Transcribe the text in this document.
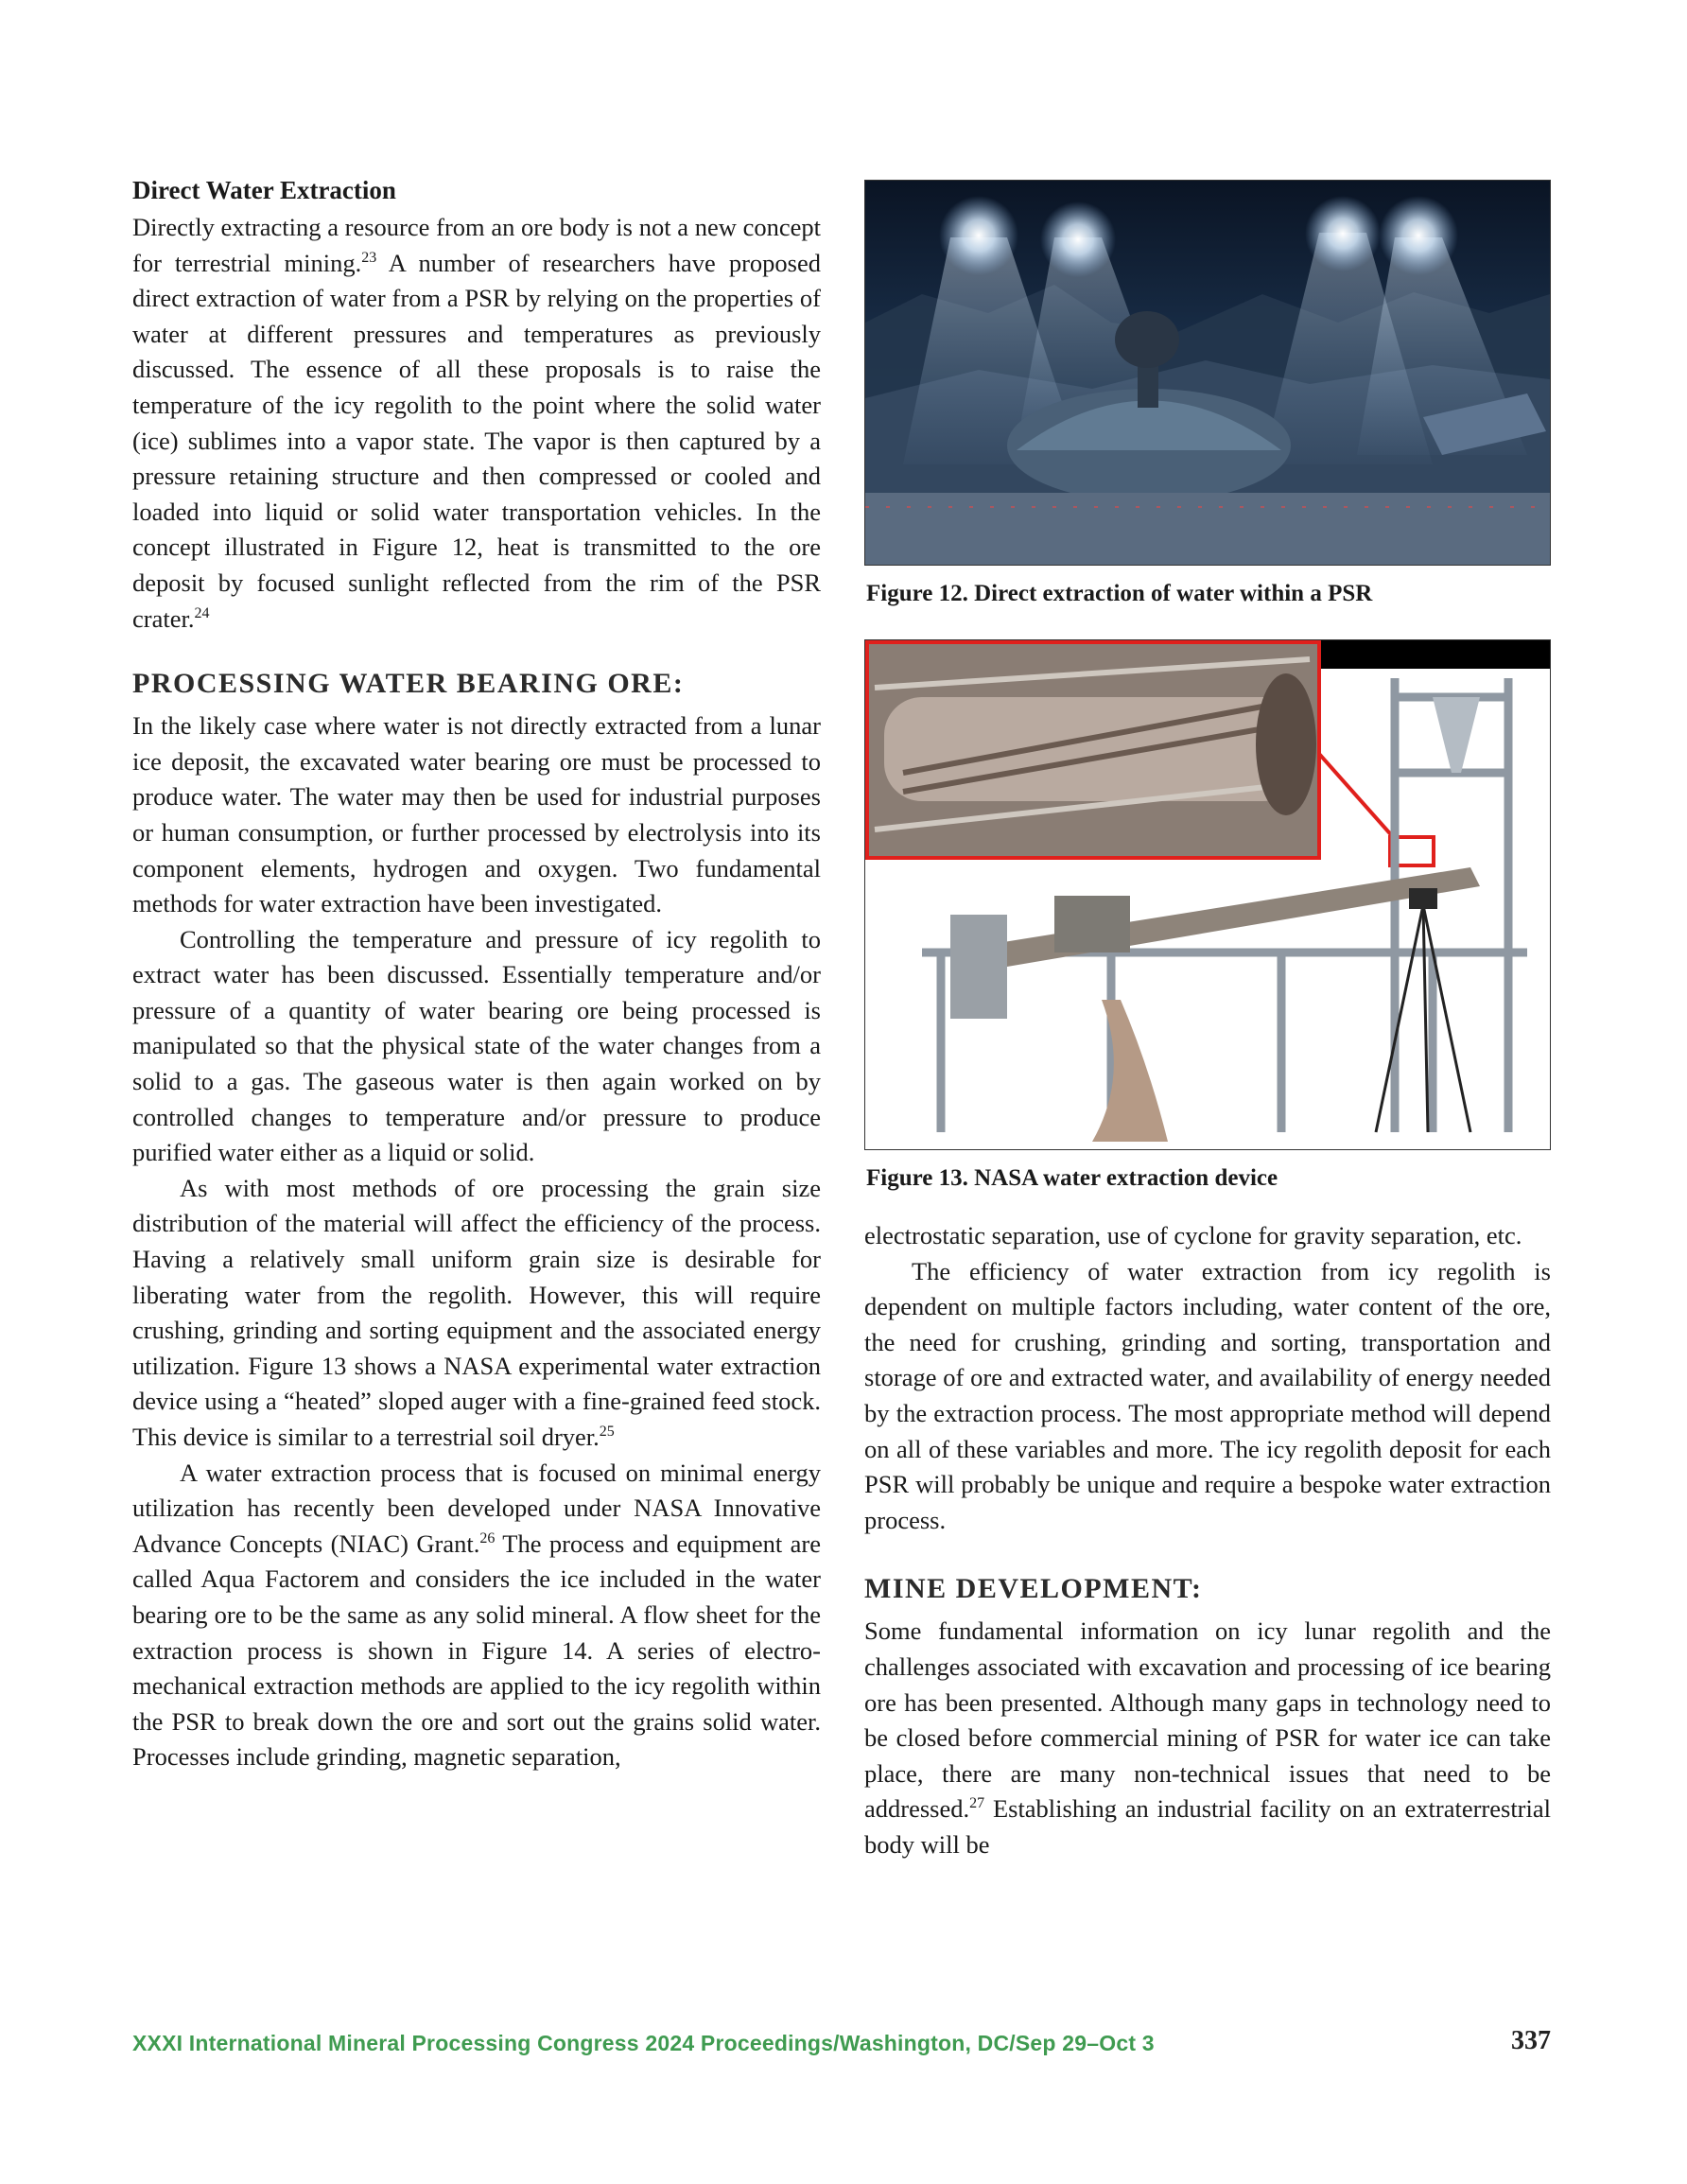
Direct Water Extraction

Directly extracting a resource from an ore body is not a new concept for terrestrial mining.$^{23}$ A number of researchers have proposed direct extraction of water from a PSR by relying on the properties of water at different pressures and temperatures as previously discussed. The essence of all these proposals is to raise the temperature of the icy regolith to the point where the solid water (ice) sublimes into a vapor state. The vapor is then captured by a pressure retaining structure and then compressed or cooled and loaded into liquid or solid water transportation vehicles. In the concept illustrated in Figure 12, heat is transmitted to the ore deposit by focused sunlight reflected from the rim of the PSR crater.$^{24}$

PROCESSING WATER BEARING ORE:

In the likely case where water is not directly extracted from a lunar ice deposit, the excavated water bearing ore must be processed to produce water. The water may then be used for industrial purposes or human consumption, or further processed by electrolysis into its component elements, hydrogen and oxygen. Two fundamental methods for water extraction have been investigated.

Controlling the temperature and pressure of icy regolith to extract water has been discussed. Essentially temperature and/or pressure of a quantity of water bearing ore being processed is manipulated so that the physical state of the water changes from a solid to a gas. The gaseous water is then again worked on by controlled changes to temperature and/or pressure to produce purified water either as a liquid or solid.

As with most methods of ore processing the grain size distribution of the material will affect the efficiency of the process. Having a relatively small uniform grain size is desirable for liberating water from the regolith. However, this will require crushing, grinding and sorting equipment and the associated energy utilization. Figure 13 shows a NASA experimental water extraction device using a “heated” sloped auger with a fine-grained feed stock. This device is similar to a terrestrial soil dryer.$^{25}$

A water extraction process that is focused on minimal energy utilization has recently been developed under NASA Innovative Advance Concepts (NIAC) Grant.$^{26}$ The process and equipment are called Aqua Factorem and considers the ice included in the water bearing ore to be the same as any solid mineral. A flow sheet for the extraction process is shown in Figure 14. A series of electro-mechanical extraction methods are applied to the icy regolith within the PSR to break down the ore and sort out the grains solid water. Processes include grinding, magnetic separation,

Figure 12. Direct extraction of water within a PSR
Figure 13. NASA water extraction device

electrostatic separation, use of cyclone for gravity separation, etc.

The efficiency of water extraction from icy regolith is dependent on multiple factors including, water content of the ore, the need for crushing, grinding and sorting, transportation and storage of ore and extracted water, and availability of energy needed by the extraction process. The most appropriate method will depend on all of these variables and more. The icy regolith deposit for each PSR will probably be unique and require a bespoke water extraction process.

MINE DEVELOPMENT:

Some fundamental information on icy lunar regolith and the challenges associated with excavation and processing of ice bearing ore has been presented. Although many gaps in technology need to be closed before commercial mining of PSR for water ice can take place, there are many non-technical issues that need to be addressed.$^{27}$ Establishing an industrial facility on an extraterrestrial body will be

XXXI International Mineral Processing Congress 2024 Proceedings/Washington, DC/Sep 29–Oct 3	337
